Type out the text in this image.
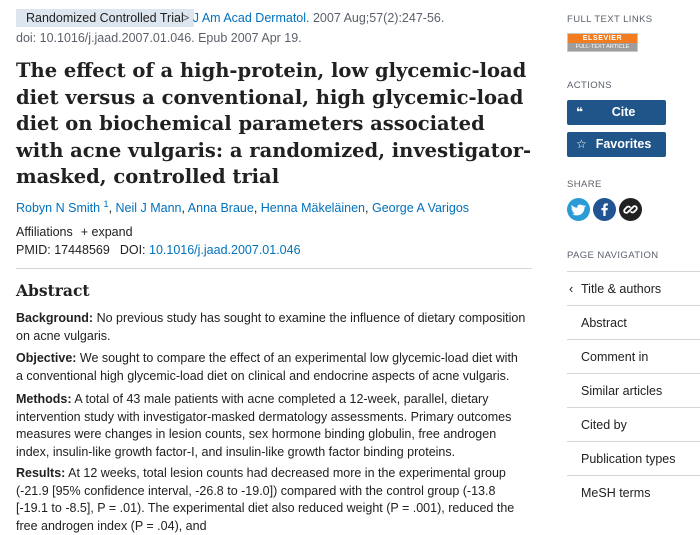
Randomized Controlled Trial
> J Am Acad Dermatol. 2007 Aug;57(2):247-56.
doi: 10.1016/j.jaad.2007.01.046. Epub 2007 Apr 19.
The effect of a high-protein, low glycemic-load diet versus a conventional, high glycemic-load diet on biochemical parameters associated with acne vulgaris: a randomized, investigator-masked, controlled trial
Robyn N Smith $^1$, Neil J Mann, Anna Braue, Henna Mäkeläinen, George A Varigos
Affiliations + expand
PMID: 17448569 DOI: 10.1016/j.jaad.2007.01.046
Abstract

Background: No previous study has sought to examine the influence of dietary composition on acne vulgaris.

Objective: We sought to compare the effect of an experimental low glycemic-load diet with a conventional high glycemic-load diet on clinical and endocrine aspects of acne vulgaris.

Methods: A total of 43 male patients with acne completed a 12-week, parallel, dietary intervention study with investigator-masked dermatology assessments. Primary outcomes measures were changes in lesion counts, sex hormone binding globulin, free androgen index, insulin-like growth factor-I, and insulin-like growth factor binding proteins.

Results: At 12 weeks, total lesion counts had decreased more in the experimental group (-21.9 [95% confidence interval, -26.8 to -19.0]) compared with the control group (-13.8 [-19.1 to -8.5], P = .01). The experimental diet also reduced weight (P = .001), reduced the free androgen index (P = .04), and

FULL TEXT LINKS
ELSEVIER
FULL-TEXT ARTICLE
ACTIONS
❝	Cite
☆ Favorites
SHARE
PAGE NAVIGATION
‹ Title & authors
Abstract
Comment in
Similar articles
Cited by
Publication types
MeSH terms
